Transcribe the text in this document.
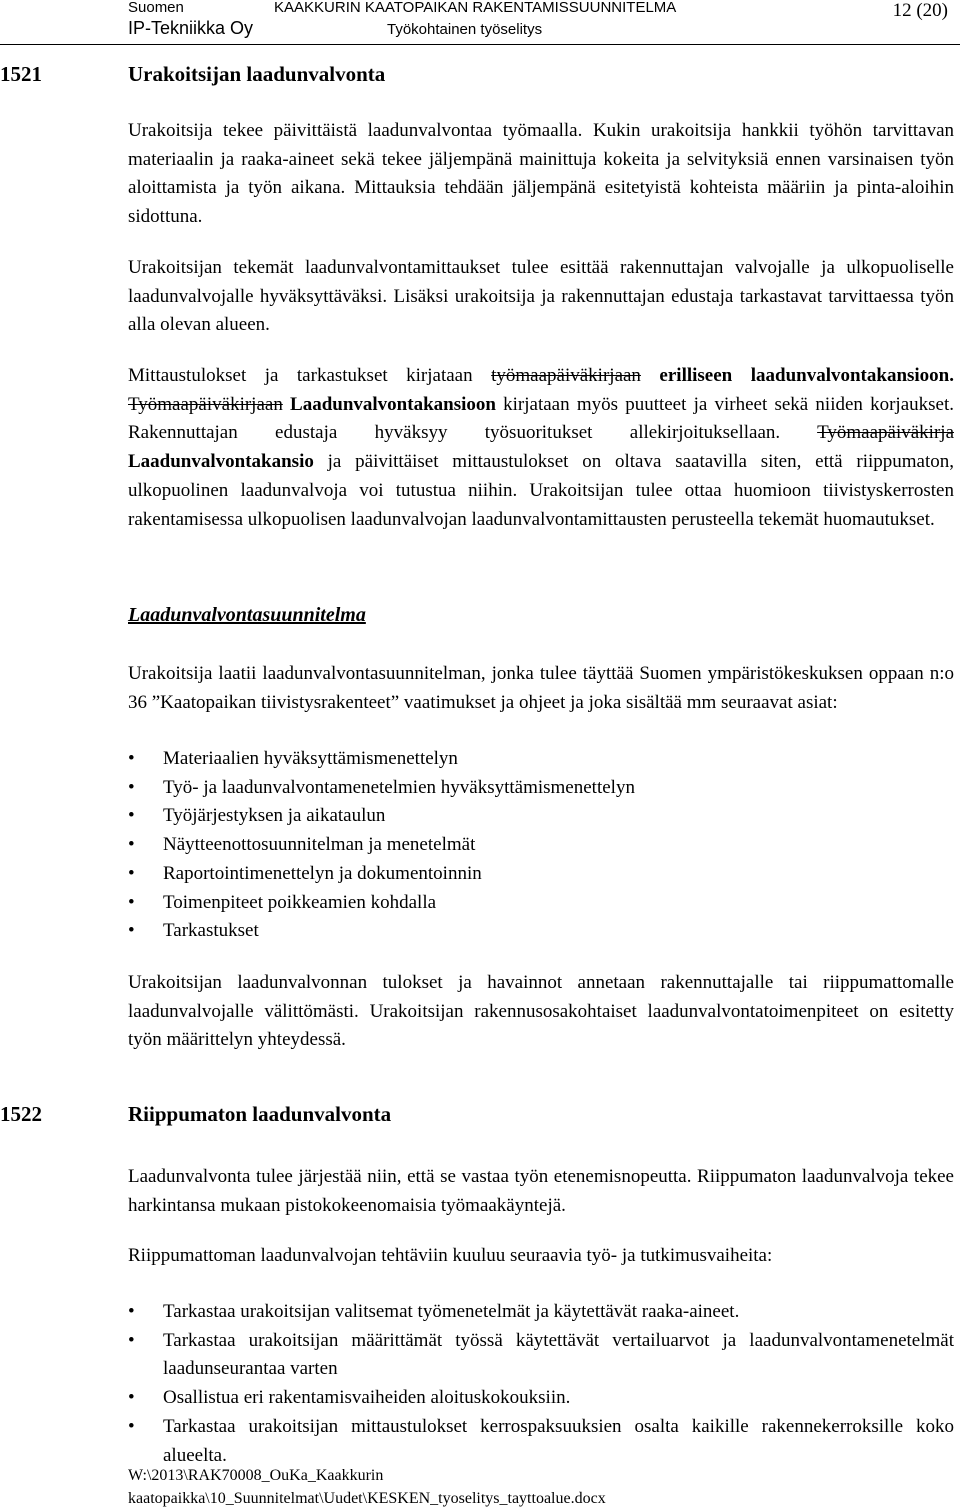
Suomen	KAAKKURIN KAATOPAIKAN RAKENTAMISSUUNNITELMA
IP-Tekniikka Oy	Työkohtainen työselitys
12 (20)
1521	Urakoitsijan laadunvalvonta

Urakoitsija tekee päivittäistä laadunvalvontaa työmaalla. Kukin urakoitsija hankkii työhön tarvittavan materiaalin ja raaka-aineet sekä tekee jäljempänä mainittuja kokeita ja selvityksiä ennen varsinaisen työn aloittamista ja työn aikana. Mittauksia tehdään jäljempänä esitetyistä kohteista määriin ja pinta-aloihin sidottuna.

Urakoitsijan tekemät laadunvalvontamittaukset tulee esittää rakennuttajan valvojalle ja ulkopuoliselle laadunvalvojalle hyväksyttäväksi. Lisäksi urakoitsija ja rakennuttajan edustaja tarkastavat tarvittaessa työn alla olevan alueen.

Mittaustulokset ja tarkastukset kirjataan työmaapäiväkirjaan erilliseen laadunvalvontakansioon. Työmaapäiväkirjaan Laadunvalvontakansioon kirjataan myös puutteet ja virheet sekä niiden korjaukset. Rakennuttajan edustaja hyväksyy työsuoritukset allekirjoituksellaan. Työmaapäiväkirja Laadunvalvontakansio ja päivittäiset mittaustulokset on oltava saatavilla siten, että riippumaton, ulkopuolinen laadunvalvoja voi tutustua niihin. Urakoitsijan tulee ottaa huomioon tiivistyskerrosten rakentamisessa ulkopuolisen laadunvalvojan laadunvalvontamittausten perusteella tekemät huomautukset.

Laadunvalvontasuunnitelma

Urakoitsija laatii laadunvalvontasuunnitelman, jonka tulee täyttää Suomen ympäristökeskuksen oppaan n:o 36 ”Kaatopaikan tiivistysrakenteet” vaatimukset ja ohjeet ja joka sisältää mm seuraavat asiat:

• Materiaalien hyväksyttämismenettelyn
• Työ- ja laadunvalvontamenetelmien hyväksyttämismenettelyn
• Työjärjestyksen ja aikataulun
• Näytteenottosuunnitelman ja menetelmät
• Raportointimenettelyn ja dokumentoinnin
• Toimenpiteet poikkeamien kohdalla
• Tarkastukset

Urakoitsijan laadunvalvonnan tulokset ja havainnot annetaan rakennuttajalle tai riippumattomalle laadunvalvojalle välittömästi. Urakoitsijan rakennusosakohtaiset laadunvalvontatoimenpiteet on esitetty työn määrittelyn yhteydessä.

1522	Riippumaton laadunvalvonta

Laadunvalvonta tulee järjestää niin, että se vastaa työn etenemisnopeutta. Riippumaton laadunvalvoja tekee harkintansa mukaan pistokokeenomaisia työmaakäyntejä.

Riippumattoman laadunvalvojan tehtäviin kuuluu seuraavia työ- ja tutkimusvaiheita:

• Tarkastaa urakoitsijan valitsemat työmenetelmät ja käytettävät raaka-aineet.
• Tarkastaa urakoitsijan määrittämät työssä käytettävät vertailuarvot ja laadunvalvontamenetelmät laadunseurantaa varten
• Osallistua eri rakentamisvaiheiden aloituskokouksiin.
• Tarkastaa urakoitsijan mittaustulokset kerrospaksuuksien osalta kaikille rakennekerroksille koko alueelta.
W:\2013\RAK70008_OuKa_Kaakkurin
kaatopaikka\10_Suunnitelmat\Uudet\KESKEN_tyoselitys_tayttoalue.docx
